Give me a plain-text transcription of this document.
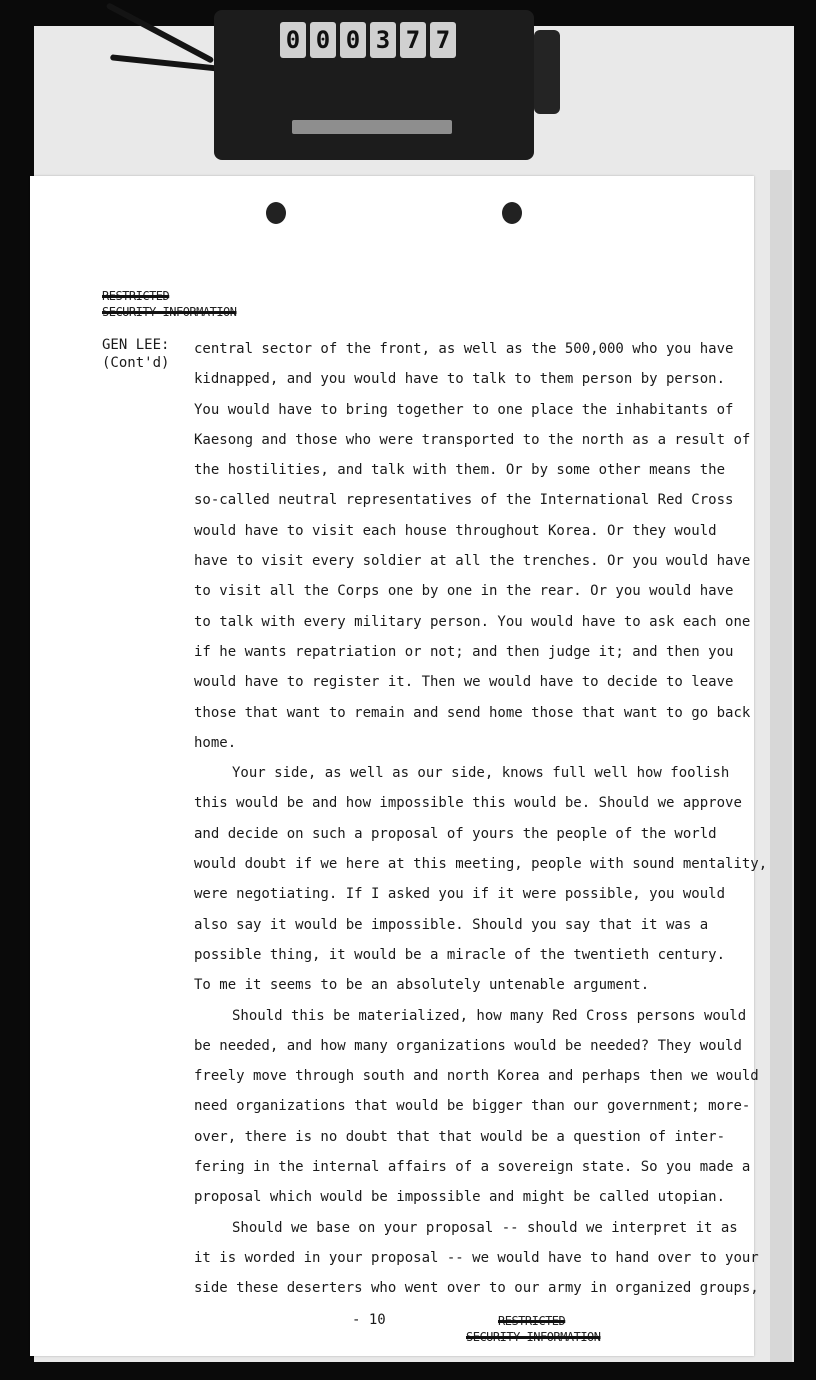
0 0 0 3 7 7
RESTRICTED
SECURITY INFORMATION
GEN LEE:
(Cont'd)

central sector of the front, as well as the 500,000 who you have
kidnapped, and you would have to talk to them person by person.
You would have to bring together to one place the inhabitants of
Kaesong and those who were transported to the north as a result of
the hostilities, and talk with them. Or by some other means the
so-called neutral representatives of the International Red Cross
would have to visit each house throughout Korea. Or they would
have to visit every soldier at all the trenches. Or you would have
to visit all the Corps one by one in the rear. Or you would have
to talk with every military person. You would have to ask each one
if he wants repatriation or not; and then judge it; and then you
would have to register it. Then we would have to decide to leave
those that want to remain and send home those that want to go back
home.

Your side, as well as our side, knows full well how foolish
this would be and how impossible this would be. Should we approve
and decide on such a proposal of yours the people of the world
would doubt if we here at this meeting, people with sound mentality,
were negotiating. If I asked you if it were possible, you would
also say it would be impossible. Should you say that it was a
possible thing, it would be a miracle of the twentieth century.
To me it seems to be an absolutely untenable argument.

Should this be materialized, how many Red Cross persons would
be needed, and how many organizations would be needed? They would
freely move through south and north Korea and perhaps then we would
need organizations that would be bigger than our government; more-
over, there is no doubt that that would be a question of inter-
fering in the internal affairs of a sovereign state. So you made a
proposal which would be impossible and might be called utopian.

Should we base on your proposal -- should we interpret it as
it is worded in your proposal -- we would have to hand over to your
side these deserters who went over to our army in organized groups,

- 10	RESTRICTED
SECURITY INFORMATION
